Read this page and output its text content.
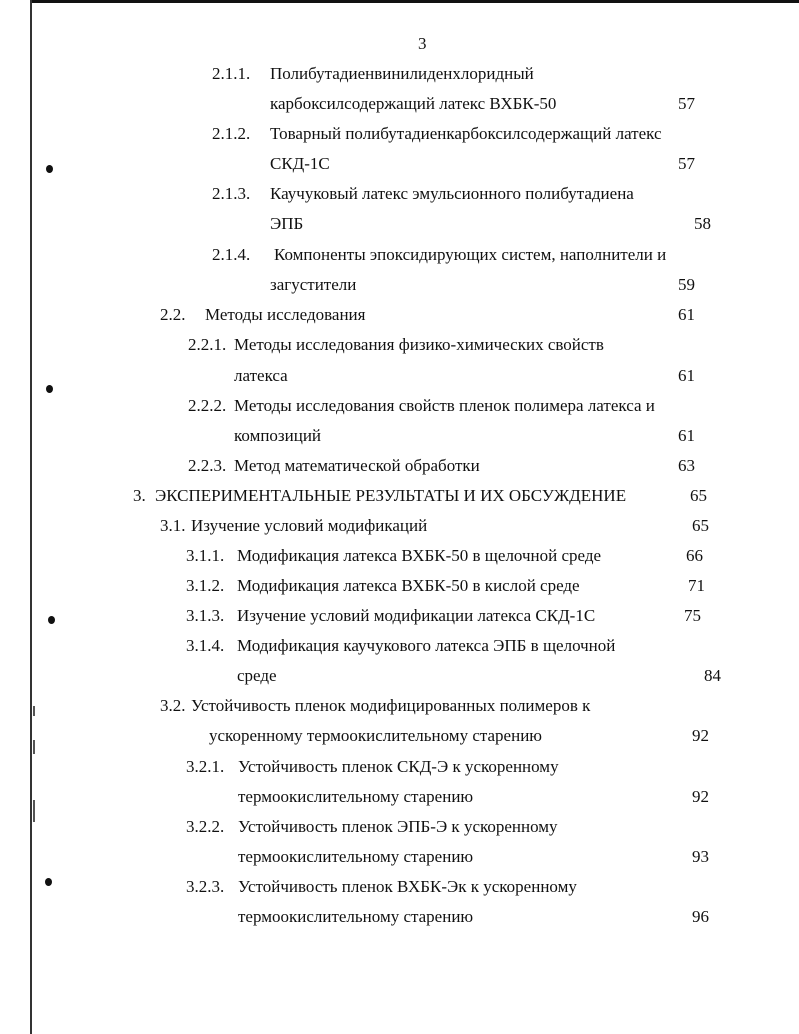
3
2.1.1. Полибутадиенвинилиденхлоридный
карбоксилсодержащий латекс ВХБК-50	57
2.1.2. Товарный полибутадиенкарбоксилсодержащий латекс
СКД-1С	57
2.1.3. Каучуковый латекс эмульсионного полибутадиена
ЭПБ	58
2.1.4. Компоненты эпоксидирующих систем, наполнители и
загустители	59
2.2. Методы исследования	61
2.2.1. Методы исследования физико-химических свойств
латекса	61
2.2.2. Методы исследования свойств пленок полимера латекса и
композиций	61
2.2.3. Метод математической обработки	63
3. ЭКСПЕРИМЕНТАЛЬНЫЕ РЕЗУЛЬТАТЫ И ИХ ОБСУЖДЕНИЕ	65
3.1. Изучение условий модификаций	65
3.1.1. Модификация латекса ВХБК-50 в щелочной среде	66
3.1.2. Модификация латекса ВХБК-50 в кислой среде	71
3.1.3. Изучение условий модификации латекса СКД-1С	75
3.1.4. Модификация каучукового латекса ЭПБ в щелочной
среде	84
3.2. Устойчивость пленок модифицированных полимеров к
ускоренному термоокислительному старению	92
3.2.1. Устойчивость пленок СКД-Э к ускоренному
термоокислительному старению	92
3.2.2. Устойчивость пленок ЭПБ-Э к ускоренному
термоокислительному старению	93
3.2.3. Устойчивость пленок ВХБК-Эк к ускоренному
термоокислительному старению	96
